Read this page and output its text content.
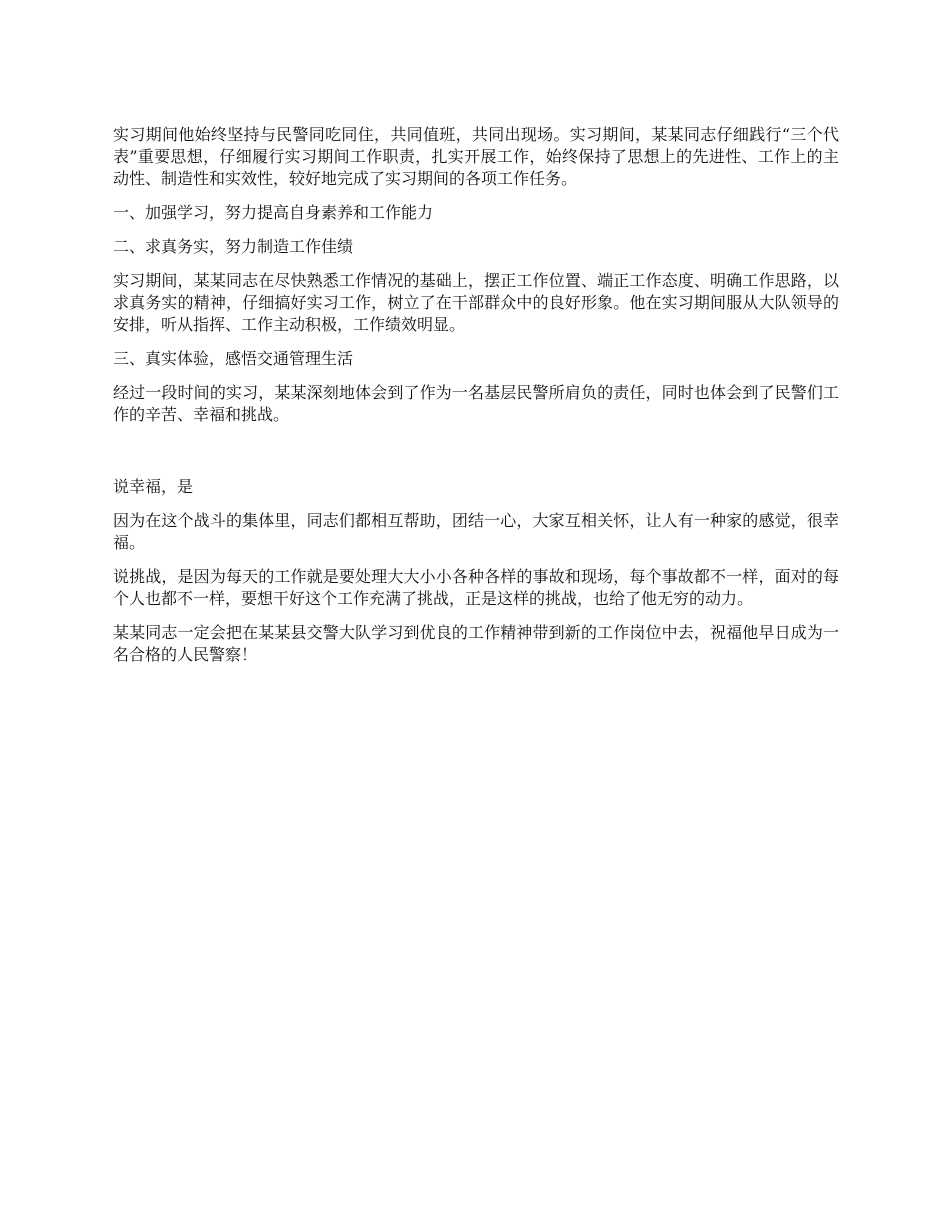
实习期间他始终坚持与民警同吃同住，共同值班，共同出现场。实习期间，某某同志仔细践行“三个代表”重要思想，仔细履行实习期间工作职责，扎实开展工作，始终保持了思想上的先进性、工作上的主动性、制造性和实效性，较好地完成了实习期间的各项工作任务。

一、加强学习，努力提高自身素养和工作能力

二、求真务实，努力制造工作佳绩

实习期间，某某同志在尽快熟悉工作情况的基础上，摆正工作位置、端正工作态度、明确工作思路，以求真务实的精神，仔细搞好实习工作，树立了在干部群众中的良好形象。他在实习期间服从大队领导的安排，听从指挥、工作主动积极，工作绩效明显。

三、真实体验，感悟交通管理生活

经过一段时间的实习，某某深刻地体会到了作为一名基层民警所肩负的责任，同时也体会到了民警们工作的辛苦、幸福和挑战。

说幸福，是

因为在这个战斗的集体里，同志们都相互帮助，团结一心，大家互相关怀，让人有一种家的感觉，很幸福。

说挑战，是因为每天的工作就是要处理大大小小各种各样的事故和现场，每个事故都不一样，面对的每个人也都不一样，要想干好这个工作充满了挑战，正是这样的挑战，也给了他无穷的动力。

某某同志一定会把在某某县交警大队学习到优良的工作精神带到新的工作岗位中去，祝福他早日成为一名合格的人民警察！
